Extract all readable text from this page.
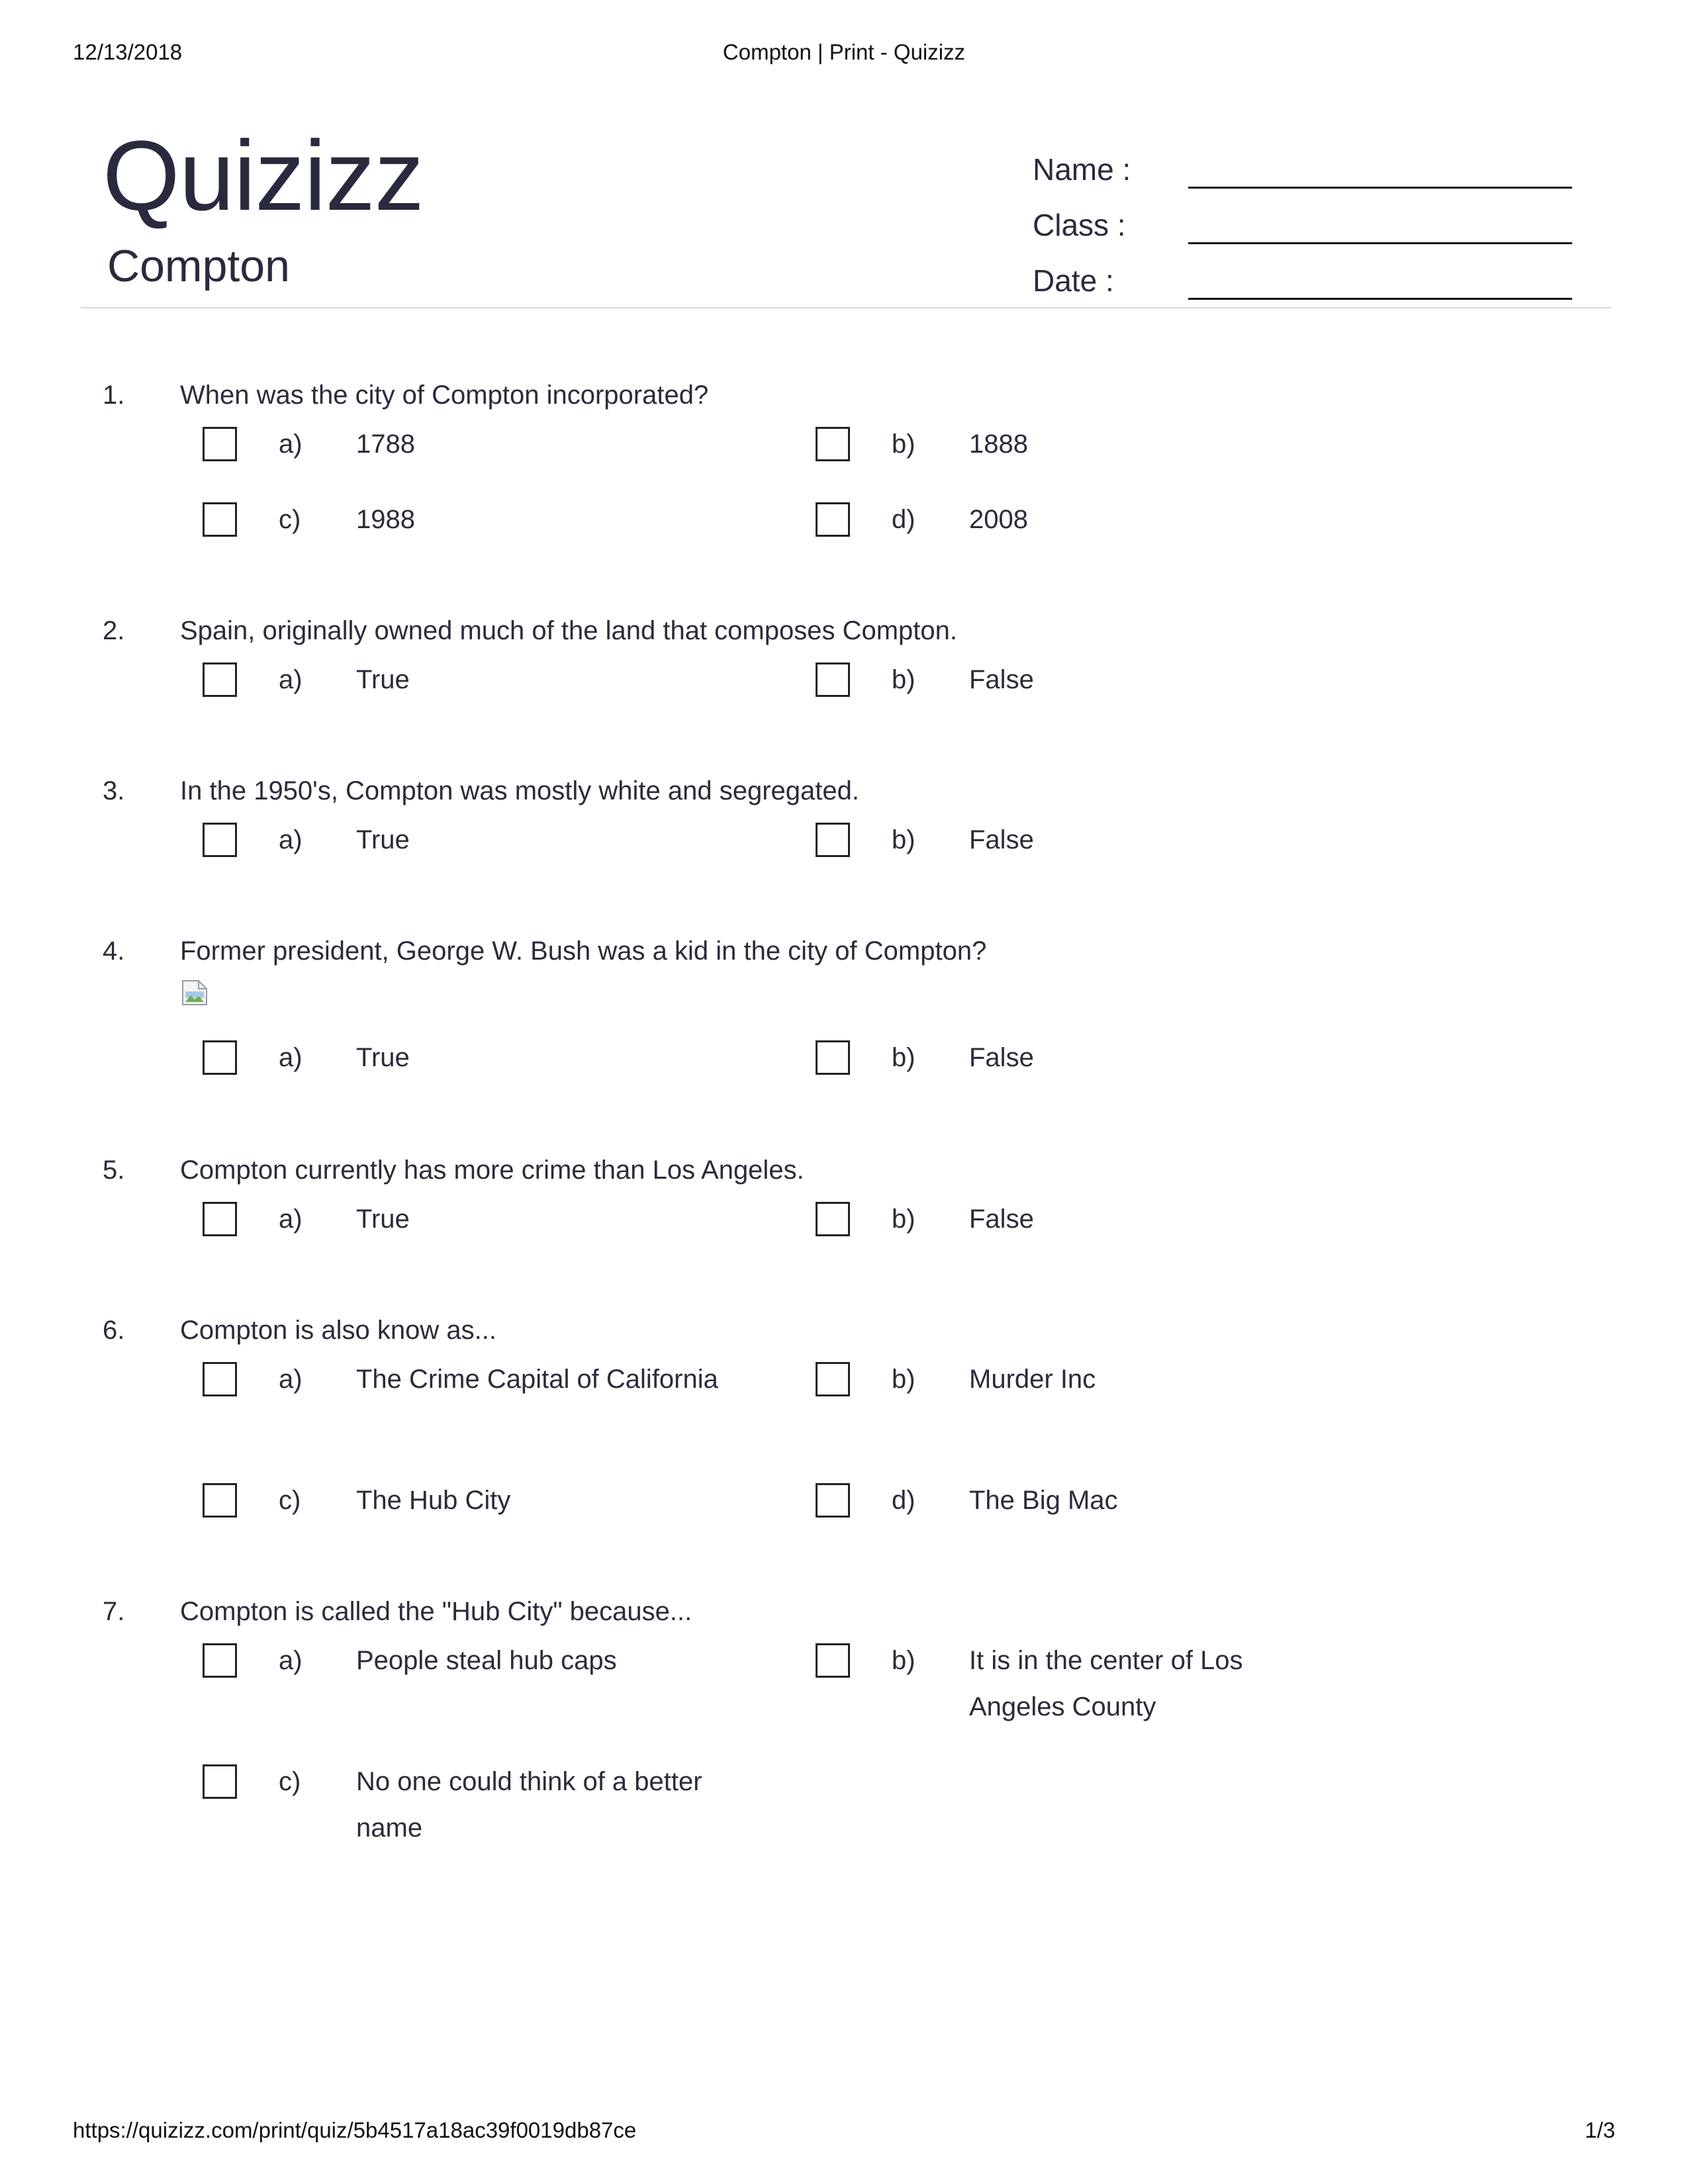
12/13/2018	Compton | Print - Quizizz
https://quizizz.com/print/quiz/5b4517a18ac39f0019db87ce	1/3
Quizizz
Compton
Name :
Class :
Date :
1. When was the city of Compton incorporated?
a) 1788	b) 1888
c) 1988	d) 2008
2. Spain, originally owned much of the land that composes Compton.
a) True	b) False
3. In the 1950's, Compton was mostly white and segregated.
a) True	b) False
4. Former president, George W. Bush was a kid in the city of Compton?
a) True	b) False
5. Compton currently has more crime than Los Angeles.
a) True	b) False
6. Compton is also know as...
a) The Crime Capital of California	b) Murder Inc
c) The Hub City	d) The Big Mac
7. Compton is called the "Hub City" because...
a) People steal hub caps	b) It is in the center of Los Angeles County
c) No one could think of a better name
